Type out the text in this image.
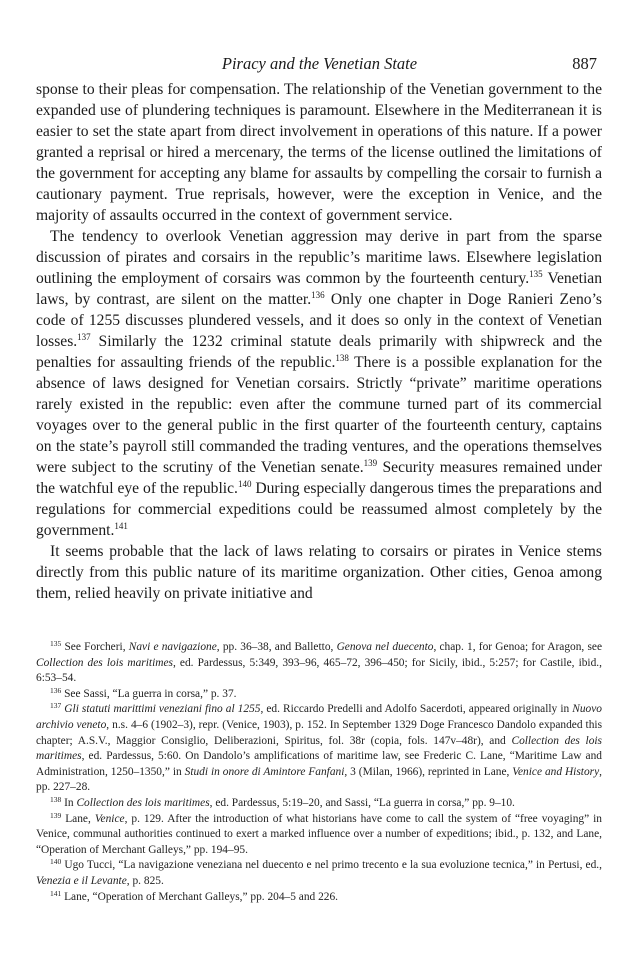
Piracy and the Venetian State	887

sponse to their pleas for compensation. The relationship of the Venetian government to the expanded use of plundering techniques is paramount. Elsewhere in the Mediterranean it is easier to set the state apart from direct involvement in operations of this nature. If a power granted a reprisal or hired a mercenary, the terms of the license outlined the limitations of the government for accepting any blame for assaults by compelling the corsair to furnish a cautionary payment. True reprisals, however, were the exception in Venice, and the majority of assaults occurred in the context of government service.

The tendency to overlook Venetian aggression may derive in part from the sparse discussion of pirates and corsairs in the republic’s maritime laws. Elsewhere legislation outlining the employment of corsairs was common by the fourteenth century.$^{135}$ Venetian laws, by contrast, are silent on the matter.$^{136}$ Only one chapter in Doge Ranieri Zeno’s code of 1255 discusses plundered vessels, and it does so only in the context of Venetian losses.$^{137}$ Similarly the 1232 criminal statute deals primarily with shipwreck and the penalties for assaulting friends of the republic.$^{138}$ There is a possible explanation for the absence of laws designed for Venetian corsairs. Strictly “private” maritime operations rarely existed in the republic: even after the commune turned part of its commercial voyages over to the general public in the first quarter of the fourteenth century, captains on the state’s payroll still commanded the trading ventures, and the operations themselves were subject to the scrutiny of the Venetian senate.$^{139}$ Security measures remained under the watchful eye of the republic.$^{140}$ During especially dangerous times the preparations and regulations for commercial expeditions could be reassumed almost completely by the government.$^{141}$

It seems probable that the lack of laws relating to corsairs or pirates in Venice stems directly from this public nature of its maritime organization. Other cities, Genoa among them, relied heavily on private initiative and

$^{135}$ See Forcheri, Navi e navigazione, pp. 36–38, and Balletto, Genova nel duecento, chap. 1, for Genoa; for Aragon, see Collection des lois maritimes, ed. Pardessus, 5:349, 393–96, 465–72, 396–450; for Sicily, ibid., 5:257; for Castile, ibid., 6:53–54.

$^{136}$ See Sassi, “La guerra in corsa,” p. 37.

$^{137}$ Gli statuti marittimi veneziani fino al 1255, ed. Riccardo Predelli and Adolfo Sacerdoti, appeared originally in Nuovo archivio veneto, n.s. 4–6 (1902–3), repr. (Venice, 1903), p. 152. In September 1329 Doge Francesco Dandolo expanded this chapter; A.S.V., Maggior Consiglio, Deliberazioni, Spiritus, fol. 38r (copia, fols. 147v–48r), and Collection des lois maritimes, ed. Pardessus, 5:60. On Dandolo’s amplifications of maritime law, see Frederic C. Lane, “Maritime Law and Administration, 1250–1350,” in Studi in onore di Amintore Fanfani, 3 (Milan, 1966), reprinted in Lane, Venice and History, pp. 227–28.

$^{138}$ In Collection des lois maritimes, ed. Pardessus, 5:19–20, and Sassi, “La guerra in corsa,” pp. 9–10.

$^{139}$ Lane, Venice, p. 129. After the introduction of what historians have come to call the system of “free voyaging” in Venice, communal authorities continued to exert a marked influence over a number of expeditions; ibid., p. 132, and Lane, “Operation of Merchant Galleys,” pp. 194–95.

$^{140}$ Ugo Tucci, “La navigazione veneziana nel duecento e nel primo trecento e la sua evoluzione tecnica,” in Pertusi, ed., Venezia e il Levante, p. 825.

$^{141}$ Lane, “Operation of Merchant Galleys,” pp. 204–5 and 226.
